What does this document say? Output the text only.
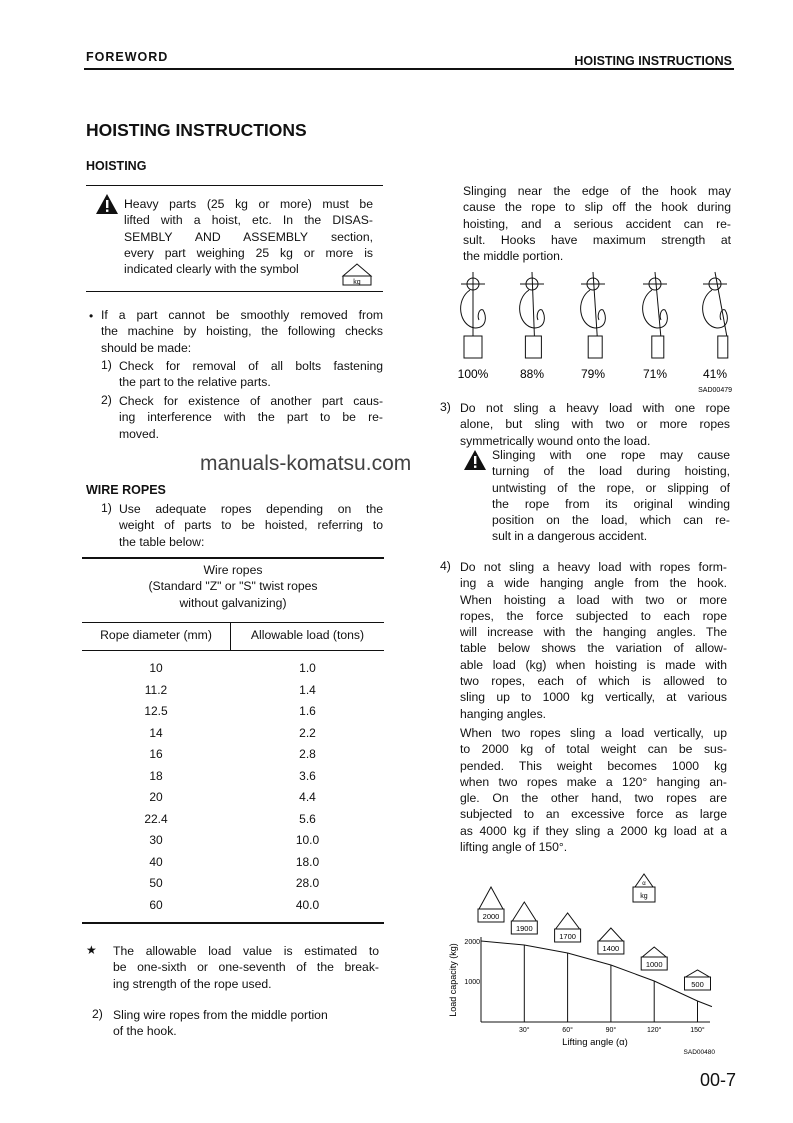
FOREWORD	HOISTING INSTRUCTIONS
HOISTING INSTRUCTIONS
HOISTING
Heavy parts (25 kg or more) must be
lifted with a hoist, etc. In the DISAS-
SEMBLY AND ASSEMBLY section,
every part weighing 25 kg or more is
indicated clearly with the symbol
kg
• If a part cannot be smoothly removed from
the machine by hoisting, the following checks
should be made:
1) Check for removal of all bolts fastening
the part to the relative parts.
2) Check for existence of another part caus-
ing interference with the part to be re-
moved.
WIRE ROPES
1) Use adequate ropes depending on the
weight of parts to be hoisted, referring to
the table below:
Wire ropes
(Standard "Z" or "S" twist ropes
without galvanizing)
Rope diameter (mm)	Allowable load (tons)
10	1.0
11.2	1.4
12.5	1.6
14	2.2
16	2.8
18	3.6
20	4.4
22.4	5.6
30	10.0
40	18.0
50	28.0
60	40.0
★ The allowable load value is estimated to
be one-sixth or one-seventh of the break-
ing strength of the rope used.
2) Sling wire ropes from the middle portion
of the hook.
Slinging near the edge of the hook may
cause the rope to slip off the hook during
hoisting, and a serious accident can re-
sult. Hooks have maximum strength at
the middle portion.
100%	88%	79%	71%	41%
SAD00479
3) Do not sling a heavy load with one rope
alone, but sling with two or more ropes
symmetrically wound onto the load.
Slinging with one rope may cause
turning of the load during hoisting,
untwisting of the rope, or slipping of
the rope from its original winding
position on the load, which can re-
sult in a dangerous accident.
4) Do not sling a heavy load with ropes form-
ing a wide hanging angle from the hook.
When hoisting a load with two or more
ropes, the force subjected to each rope
will increase with the hanging angles. The
table below shows the variation of allow-
able load (kg) when hoisting is made with
two ropes, each of which is allowed to
sling up to 1000 kg vertically, at various
hanging angles.
When two ropes sling a load vertically, up
to 2000 kg of total weight can be sus-
pended. This weight becomes 1000 kg
when two ropes make a 120° hanging an-
gle. On the other hand, two ropes are
subjected to an excessive force as large
as 4000 kg if they sling a 2000 kg load at a
lifting angle of 150°.
2000
1900
1700
1400
1000
500
30°	60°	90°	120°	150°
2000
1000
Lifting angle (α)
Load capacity (kg)
SAD00480
α
kg
manuals-komatsu.com
00-7
